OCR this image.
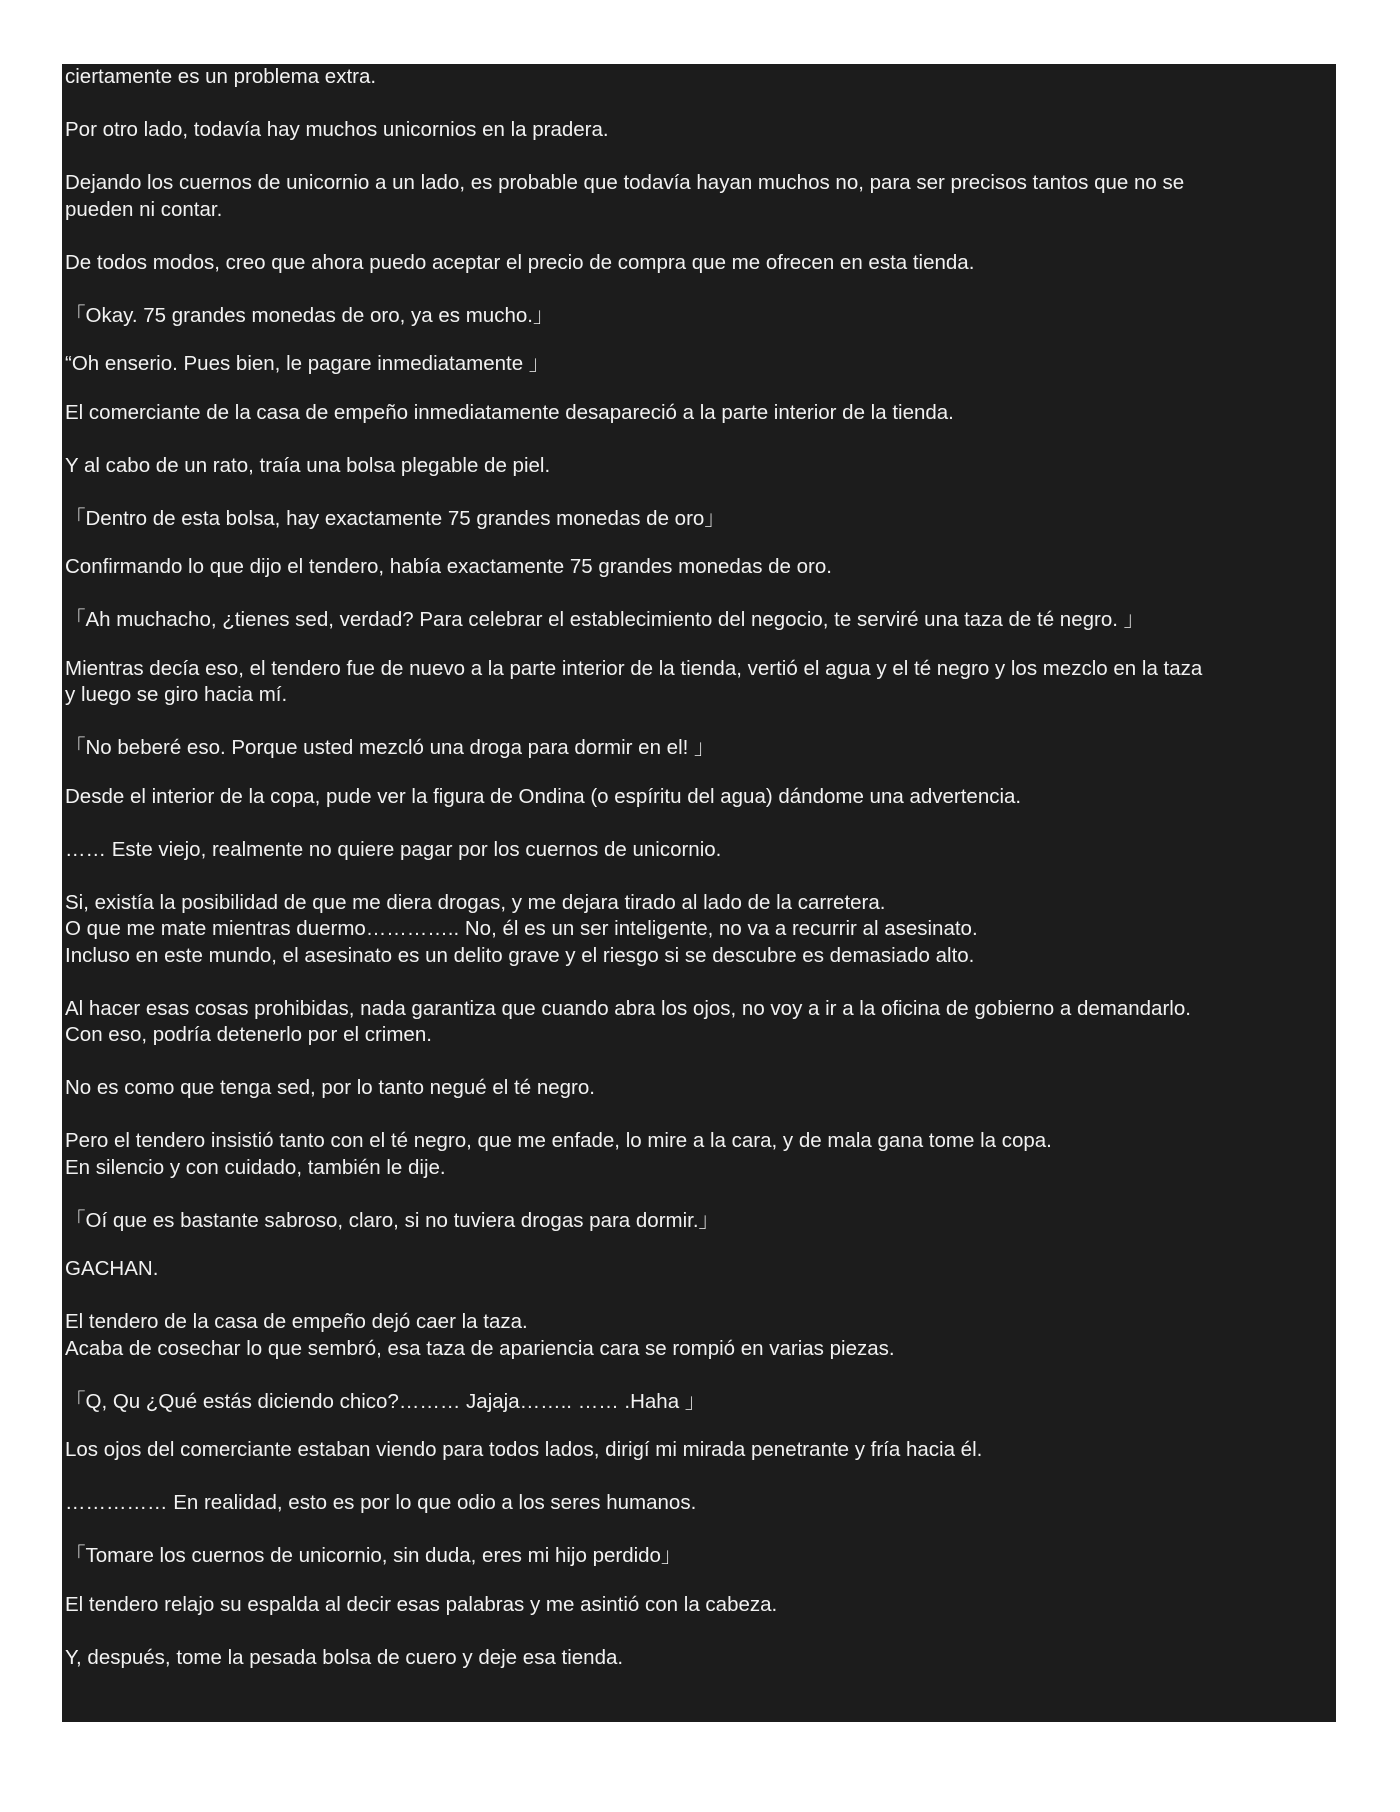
ciertamente es un problema extra.
Por otro lado, todavía hay muchos unicornios en la pradera.
Dejando los cuernos de unicornio a un lado, es probable que todavía hayan muchos no, para ser precisos tantos que no se
pueden ni contar.
De todos modos, creo que ahora puedo aceptar el precio de compra que me ofrecen en esta tienda.
「Okay. 75 grandes monedas de oro, ya es mucho.」
“Oh enserio. Pues bien, le pagare inmediatamente 」
El comerciante de la casa de empeño inmediatamente desapareció a la parte interior de la tienda.
Y al cabo de un rato, traía una bolsa plegable de piel.
「Dentro de esta bolsa, hay exactamente 75 grandes monedas de oro」
Confirmando lo que dijo el tendero, había exactamente 75 grandes monedas de oro.
「Ah muchacho, ¿tienes sed, verdad? Para celebrar el establecimiento del negocio, te serviré una taza de té negro. 」
Mientras decía eso, el tendero fue de nuevo a la parte interior de la tienda, vertió el agua y el té negro y los mezclo en la taza
y luego se giro hacia mí.
「No beberé eso. Porque usted mezcló una droga para dormir en el! 」
Desde el interior de la copa, pude ver la figura de Ondina (o espíritu del agua) dándome una advertencia.
…… Este viejo, realmente no quiere pagar por los cuernos de unicornio.
Si, existía la posibilidad de que me diera drogas, y me dejara tirado al lado de la carretera.
O que me mate mientras duermo………….. No, él es un ser inteligente, no va a recurrir al asesinato.
Incluso en este mundo, el asesinato es un delito grave y el riesgo si se descubre es demasiado alto.
Al hacer esas cosas prohibidas, nada garantiza que cuando abra los ojos, no voy a ir a la oficina de gobierno a demandarlo.
Con eso, podría detenerlo por el crimen.
No es como que tenga sed, por lo tanto negué el té negro.
Pero el tendero insistió tanto con el té negro, que me enfade, lo mire a la cara, y de mala gana tome la copa.
En silencio y con cuidado, también le dije.
「Oí que es bastante sabroso, claro, si no tuviera drogas para dormir.」
GACHAN.
El tendero de la casa de empeño dejó caer la taza.
Acaba de cosechar lo que sembró, esa taza de apariencia cara se rompió en varias piezas.
「Q, Qu ¿Qué estás diciendo chico?……… Jajaja…….. …… .Haha 」
Los ojos del comerciante estaban viendo para todos lados, dirigí mi mirada penetrante y fría hacia él.
…………… En realidad, esto es por lo que odio a los seres humanos.
「Tomare los cuernos de unicornio, sin duda, eres mi hijo perdido」
El tendero relajo su espalda al decir esas palabras y me asintió con la cabeza.
Y, después, tome la pesada bolsa de cuero y deje esa tienda.
